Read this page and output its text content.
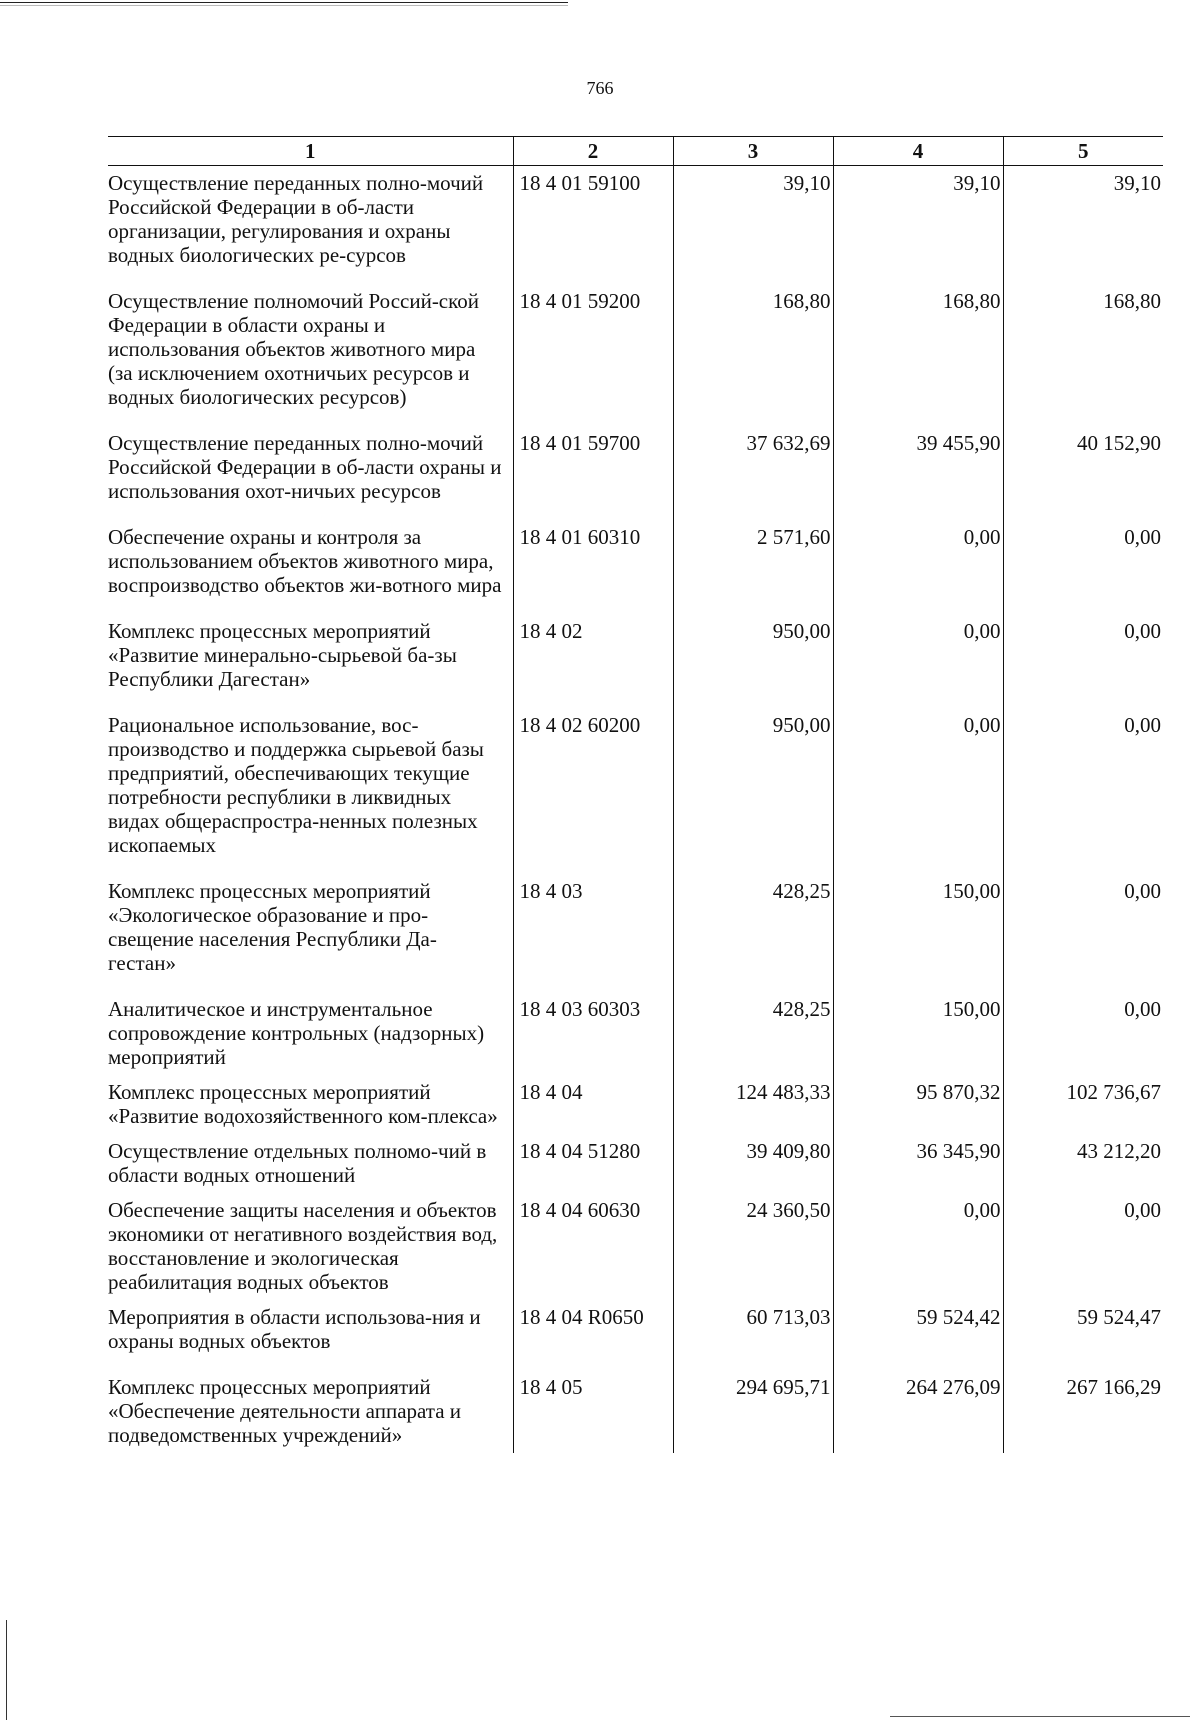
766
1	2	3	4	5
Осуществление переданных полно-мочий Российской Федерации в об-ласти организации, регулирования и охраны водных биологических ре-сурсов	18 4 01 59100	39,10	39,10	39,10
Осуществление полномочий Россий-ской Федерации в области охраны и использования объектов животного мира (за исключением охотничьих ресурсов и водных биологических ресурсов)	18 4 01 59200	168,80	168,80	168,80
Осуществление переданных полно-мочий Российской Федерации в об-ласти охраны и использования охот-ничьих ресурсов	18 4 01 59700	37 632,69	39 455,90	40 152,90
Обеспечение охраны и контроля за использованием объектов животного мира, воспроизводство объектов жи-вотного мира	18 4 01 60310	2 571,60	0,00	0,00
Комплекс процессных мероприятий «Развитие минерально-сырьевой ба-зы Республики Дагестан»	18 4 02	950,00	0,00	0,00
Рациональное использование, вос-производство и поддержка сырьевой базы предприятий, обеспечивающих текущие потребности республики в ликвидных видах общераспростра-ненных полезных ископаемых	18 4 02 60200	950,00	0,00	0,00
Комплекс процессных мероприятий «Экологическое образование и про-свещение населения Республики Да-гестан»	18 4 03	428,25	150,00	0,00
Аналитическое и инструментальное сопровождение контрольных (надзорных) мероприятий	18 4 03 60303	428,25	150,00	0,00
Комплекс процессных мероприятий «Развитие водохозяйственного ком-плекса»	18 4 04	124 483,33	95 870,32	102 736,67
Осуществление отдельных полномо-чий в области водных отношений	18 4 04 51280	39 409,80	36 345,90	43 212,20
Обеспечение защиты населения и объектов экономики от негативного воздействия вод, восстановление и экологическая реабилитация водных объектов	18 4 04 60630	24 360,50	0,00	0,00
Мероприятия в области использова-ния и охраны водных объектов	18 4 04 R0650	60 713,03	59 524,42	59 524,47
Комплекс процессных мероприятий «Обеспечение деятельности аппарата и подведомственных учреждений»	18 4 05	294 695,71	264 276,09	267 166,29
